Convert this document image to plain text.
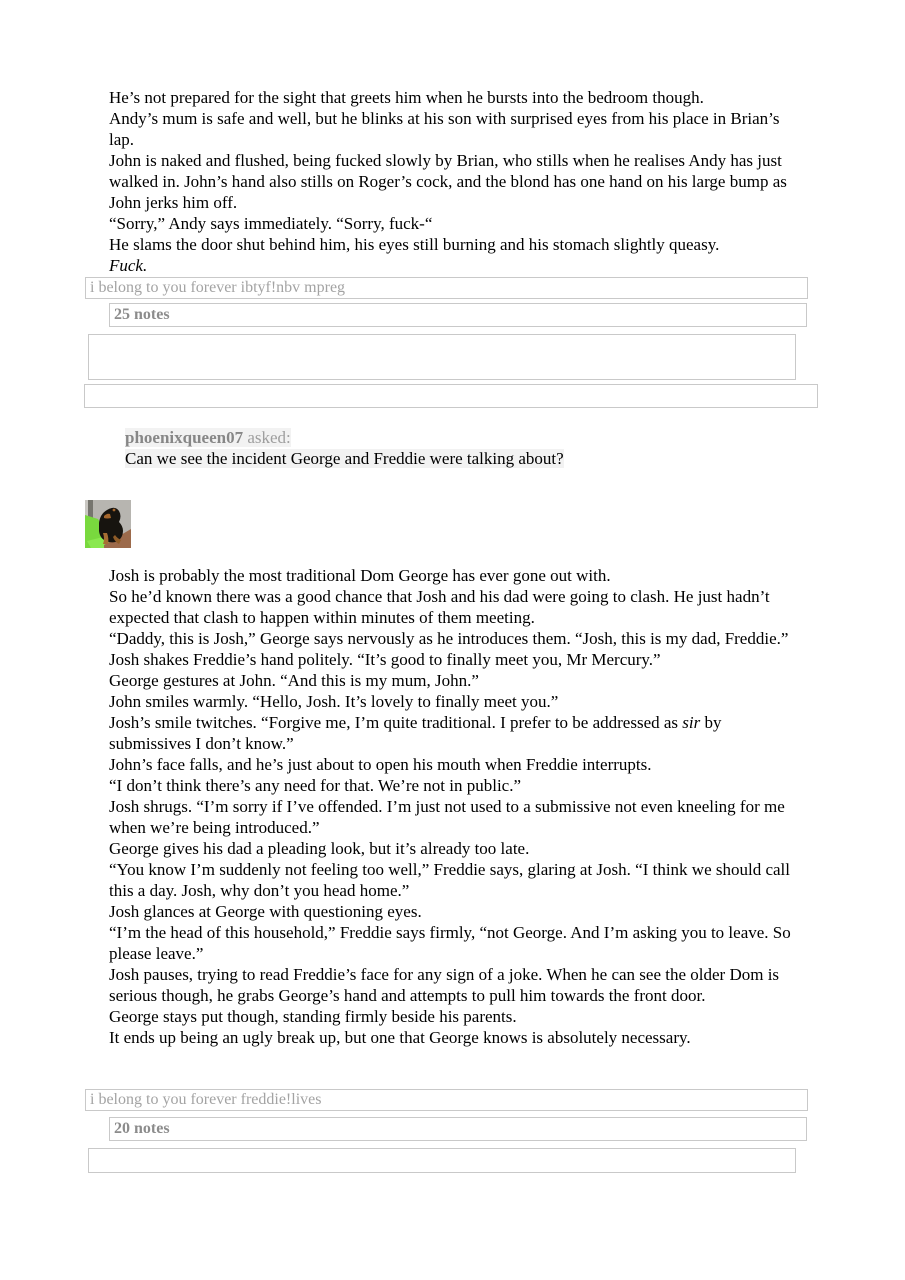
He’s not prepared for the sight that greets him when he bursts into the bedroom though.

Andy’s mum is safe and well, but he blinks at his son with surprised eyes from his place in Brian’s lap.

John is naked and flushed, being fucked slowly by Brian, who stills when he realises Andy has just walked in. John’s hand also stills on Roger’s cock, and the blond has one hand on his large bump as John jerks him off.

“Sorry,” Andy says immediately. “Sorry, fuck-“

He slams the door shut behind him, his eyes still burning and his stomach slightly queasy.

Fuck.

i belong to you forever ibtyf!nbv mpreg
25 notes

phoenixqueen07 asked:

Can we see the incident George and Freddie were talking about?

Josh is probably the most traditional Dom George has ever gone out with.

So he’d known there was a good chance that Josh and his dad were going to clash. He just hadn’t expected that clash to happen within minutes of them meeting.

“Daddy, this is Josh,” George says nervously as he introduces them. “Josh, this is my dad, Freddie.”

Josh shakes Freddie’s hand politely. “It’s good to finally meet you, Mr Mercury.”

George gestures at John. “And this is my mum, John.”

John smiles warmly. “Hello, Josh. It’s lovely to finally meet you.”

Josh’s smile twitches. “Forgive me, I’m quite traditional. I prefer to be addressed as sir by submissives I don’t know.”

John’s face falls, and he’s just about to open his mouth when Freddie interrupts.

“I don’t think there’s any need for that. We’re not in public.”

Josh shrugs. “I’m sorry if I’ve offended. I’m just not used to a submissive not even kneeling for me when we’re being introduced.”

George gives his dad a pleading look, but it’s already too late.

“You know I’m suddenly not feeling too well,” Freddie says, glaring at Josh. “I think we should call this a day. Josh, why don’t you head home.”

Josh glances at George with questioning eyes.

“I’m the head of this household,” Freddie says firmly, “not George. And I’m asking you to leave. So please leave.”

Josh pauses, trying to read Freddie’s face for any sign of a joke. When he can see the older Dom is serious though, he grabs George’s hand and attempts to pull him towards the front door.

George stays put though, standing firmly beside his parents.

It ends up being an ugly break up, but one that George knows is absolutely necessary.

i belong to you forever freddie!lives
20 notes
